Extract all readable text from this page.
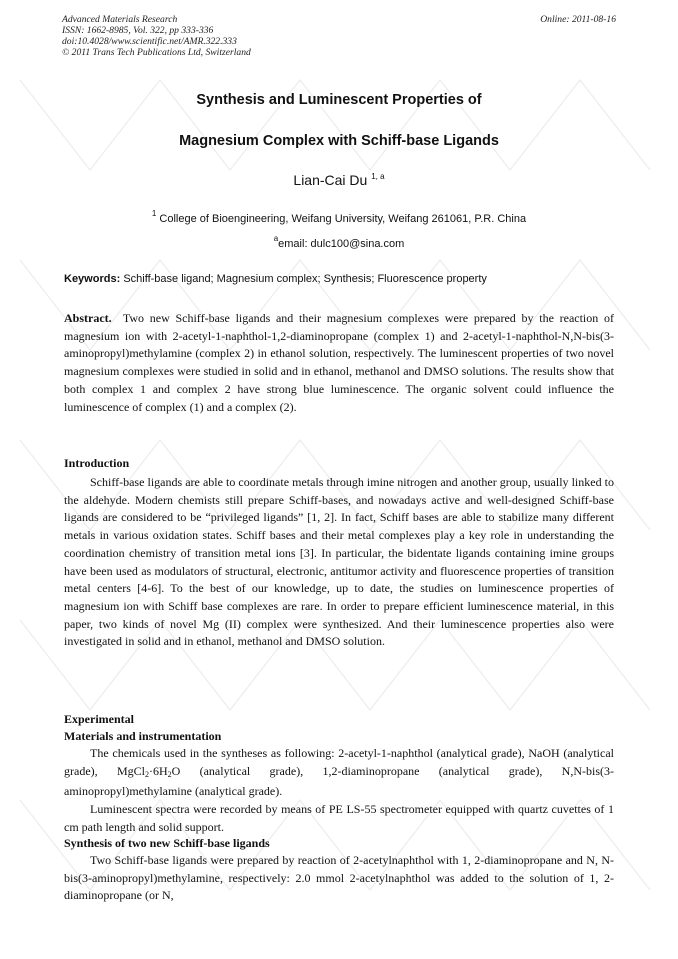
Advanced Materials Research
ISSN: 1662-8985, Vol. 322, pp 333-336
doi:10.4028/www.scientific.net/AMR.322.333
© 2011 Trans Tech Publications Ltd, Switzerland
Online: 2011-08-16
Synthesis and Luminescent Properties of
Magnesium Complex with Schiff-base Ligands
Lian-Cai Du $^{1, a}$
$^1$ College of Bioengineering, Weifang University, Weifang 261061, P.R. China
$^a$email: dulc100@sina.com
Keywords: Schiff-base ligand; Magnesium complex; Synthesis; Fluorescence property
Abstract. Two new Schiff-base ligands and their magnesium complexes were prepared by the reaction of magnesium ion with 2-acetyl-1-naphthol-1,2-diaminopropane (complex 1) and 2-acetyl-1-naphthol-N,N-bis(3-aminopropyl)methylamine (complex 2) in ethanol solution, respectively. The luminescent properties of two novel magnesium complexes were studied in solid and in ethanol, methanol and DMSO solutions. The results show that both complex 1 and complex 2 have strong blue luminescence. The organic solvent could influence the luminescence of complex (1) and a complex (2).
Introduction
Schiff-base ligands are able to coordinate metals through imine nitrogen and another group, usually linked to the aldehyde. Modern chemists still prepare Schiff-bases, and nowadays active and well-designed Schiff-base ligands are considered to be “privileged ligands” [1, 2]. In fact, Schiff bases are able to stabilize many different metals in various oxidation states. Schiff bases and their metal complexes play a key role in understanding the coordination chemistry of transition metal ions [3]. In particular, the bidentate ligands containing imine groups have been used as modulators of structural, electronic, antitumor activity and fluorescence properties of transition metal centers [4-6]. To the best of our knowledge, up to date, the studies on luminescence properties of magnesium ion with Schiff base complexes are rare. In order to prepare efficient luminescence material, in this paper, two kinds of novel Mg (II) complex were synthesized. And their luminescence properties also were investigated in solid and in ethanol, methanol and DMSO solution.
Experimental
Materials and instrumentation
The chemicals used in the syntheses as following: 2-acetyl-1-naphthol (analytical grade), NaOH (analytical grade), $MgCl_2\cdot 6H_2O$ (analytical grade), 1,2-diaminopropane (analytical grade), N,N-bis(3-aminopropyl)methylamine (analytical grade).
Luminescent spectra were recorded by means of PE LS-55 spectrometer equipped with quartz cuvettes of 1 cm path length and solid support.
Synthesis of two new Schiff-base ligands
Two Schiff-base ligands were prepared by reaction of 2-acetylnaphthol with 1, 2-diaminopropane and N, N-bis(3-aminopropyl)methylamine, respectively: 2.0 mmol 2-acetylnaphthol was added to the solution of 1, 2-diaminopropane (or N,
